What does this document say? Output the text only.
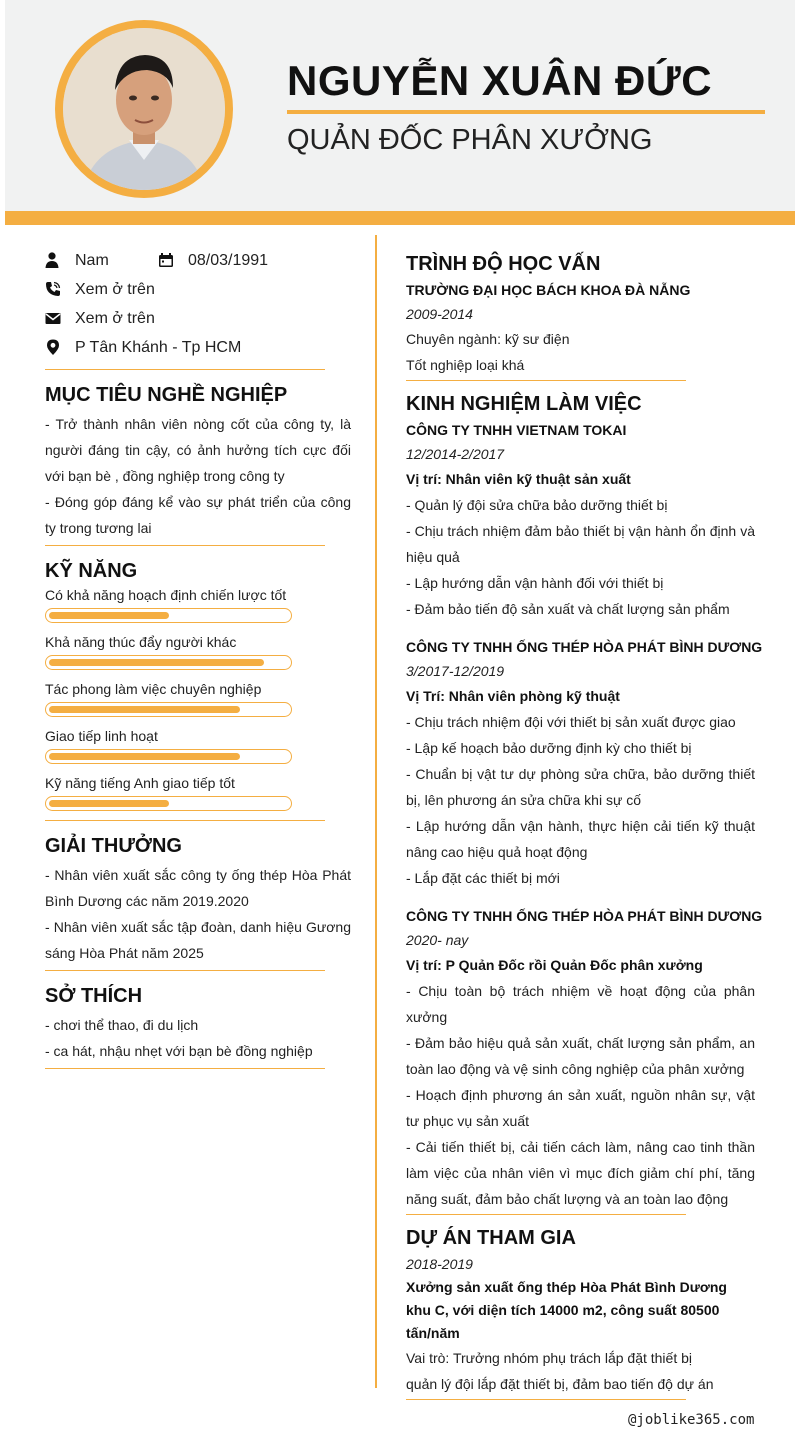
NGUYỄN XUÂN ĐỨC
QUẢN ĐỐC PHÂN XƯỞNG
Nam	08/03/1991
Xem ở trên
Xem ở trên
P Tân Khánh - Tp HCM
MỤC TIÊU NGHỀ NGHIỆP
- Trở thành nhân viên nòng cốt của công ty, là người đáng tin cậy, có ảnh hưởng tích cực đối với bạn bè , đồng nghiệp trong công ty
- Đóng góp đáng kể vào sự phát triển của công ty trong tương lai
KỸ NĂNG
Có khả năng hoạch định chiến lược tốt
Khả năng thúc đẩy người khác
Tác phong làm việc chuyên nghiệp
Giao tiếp linh hoạt
Kỹ năng tiếng Anh giao tiếp tốt
GIẢI THƯỞNG
- Nhân viên xuất sắc công ty ống thép Hòa Phát Bình Dương các năm 2019.2020
- Nhân viên xuất sắc tập đoàn, danh hiệu Gương sáng Hòa Phát năm 2025
SỞ THÍCH
- chơi thể thao, đi du lịch
- ca hát, nhậu nhẹt với bạn bè đồng nghiệp
TRÌNH ĐỘ HỌC VẤN
TRƯỜNG ĐẠI HỌC BÁCH KHOA ĐÀ NẴNG
2009-2014
Chuyên ngành: kỹ sư điện
Tốt nghiệp loại khá
KINH NGHIỆM LÀM VIỆC
CÔNG TY TNHH VIETNAM TOKAI
12/2014-2/2017
Vị trí: Nhân viên kỹ thuật sản xuất
- Quản lý đội sửa chữa bảo dưỡng thiết bị
- Chịu trách nhiệm đảm bảo thiết bị vận hành ổn định và hiệu quả
- Lập hướng dẫn vận hành đối với thiết bị
- Đảm bảo tiến độ sản xuất và chất lượng sản phẩm
CÔNG TY TNHH ỐNG THÉP HÒA PHÁT BÌNH DƯƠNG
3/2017-12/2019
Vị Trí: Nhân viên phòng kỹ thuật
- Chịu trách nhiệm đội với thiết bị sản xuất được giao
- Lập kế hoạch bảo dưỡng định kỳ cho thiết bị
- Chuẩn bị vật tư dự phòng sửa chữa, bảo dưỡng thiết bị, lên phương án sửa chữa khi sự cố
- Lập hướng dẫn vận hành, thực hiện cải tiến kỹ thuật nâng cao hiệu quả hoạt động
- Lắp đặt các thiết bị mới
CÔNG TY TNHH ỐNG THÉP HÒA PHÁT BÌNH DƯƠNG
2020- nay
Vị trí: P Quản Đốc rồi Quản Đốc phân xưởng
- Chịu toàn bộ trách nhiệm về hoạt động của phân xưởng
- Đảm bảo hiệu quả sản xuất, chất lượng sản phẩm, an toàn lao động và vệ sinh công nghiệp của phân xưởng
- Hoạch định phương án sản xuất, nguồn nhân sự, vật tư phục vụ sản xuất
- Cải tiến thiết bị, cải tiến cách làm, nâng cao tinh thần làm việc của nhân viên vì mục đích giảm chí phí, tăng năng suất, đảm bảo chất lượng và an toàn lao động
DỰ ÁN THAM GIA
2018-2019
Xưởng sản xuất ống thép Hòa Phát Bình Dương khu C, với diện tích 14000 m2, công suất 80500 tấn/năm
Vai trò: Trưởng nhóm phụ trách lắp đặt thiết bị
quản lý đội lắp đặt thiết bị, đảm bao tiến độ dự án
@joblike365.com
